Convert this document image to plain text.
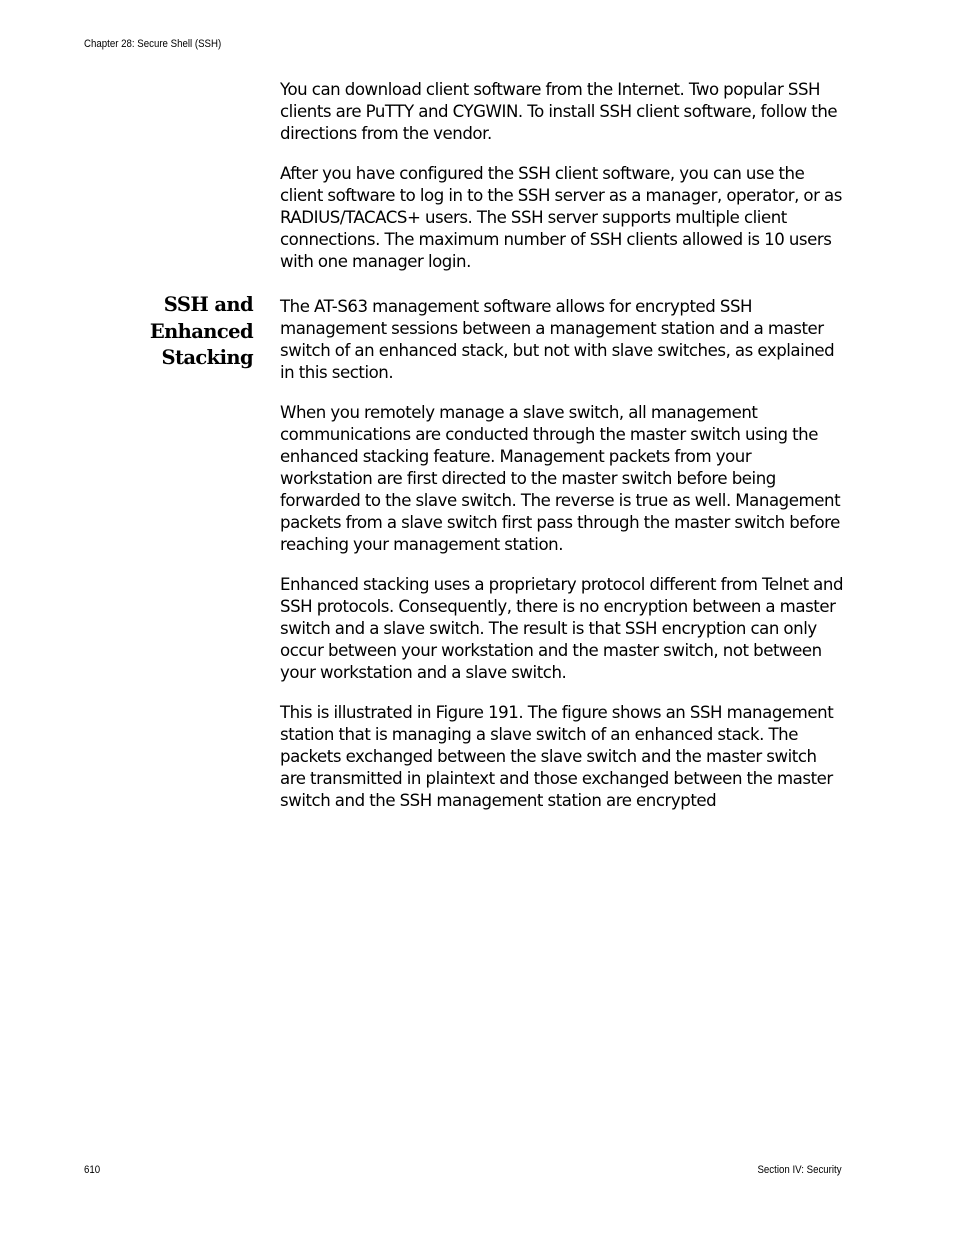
Chapter 28: Secure Shell (SSH)

You can download client software from the Internet. Two popular SSH clients are PuTTY and CYGWIN. To install SSH client software, follow the directions from the vendor.

After you have configured the SSH client software, you can use the client software to log in to the SSH server as a manager, operator, or as RADIUS/TACACS+ users. The SSH server supports multiple client connections. The maximum number of SSH clients allowed is 10 users with one manager login.

SSH and
Enhanced
Stacking

The AT-S63 management software allows for encrypted SSH management sessions between a management station and a master switch of an enhanced stack, but not with slave switches, as explained in this section.

When you remotely manage a slave switch, all management communications are conducted through the master switch using the enhanced stacking feature. Management packets from your workstation are first directed to the master switch before being forwarded to the slave switch. The reverse is true as well. Management packets from a slave switch first pass through the master switch before reaching your management station.

Enhanced stacking uses a proprietary protocol different from Telnet and SSH protocols. Consequently, there is no encryption between a master switch and a slave switch. The result is that SSH encryption can only occur between your workstation and the master switch, not between your workstation and a slave switch.

This is illustrated in Figure 191. The figure shows an SSH management station that is managing a slave switch of an enhanced stack. The packets exchanged between the slave switch and the master switch are transmitted in plaintext and those exchanged between the master switch and the SSH management station are encrypted

610	Section IV: Security
